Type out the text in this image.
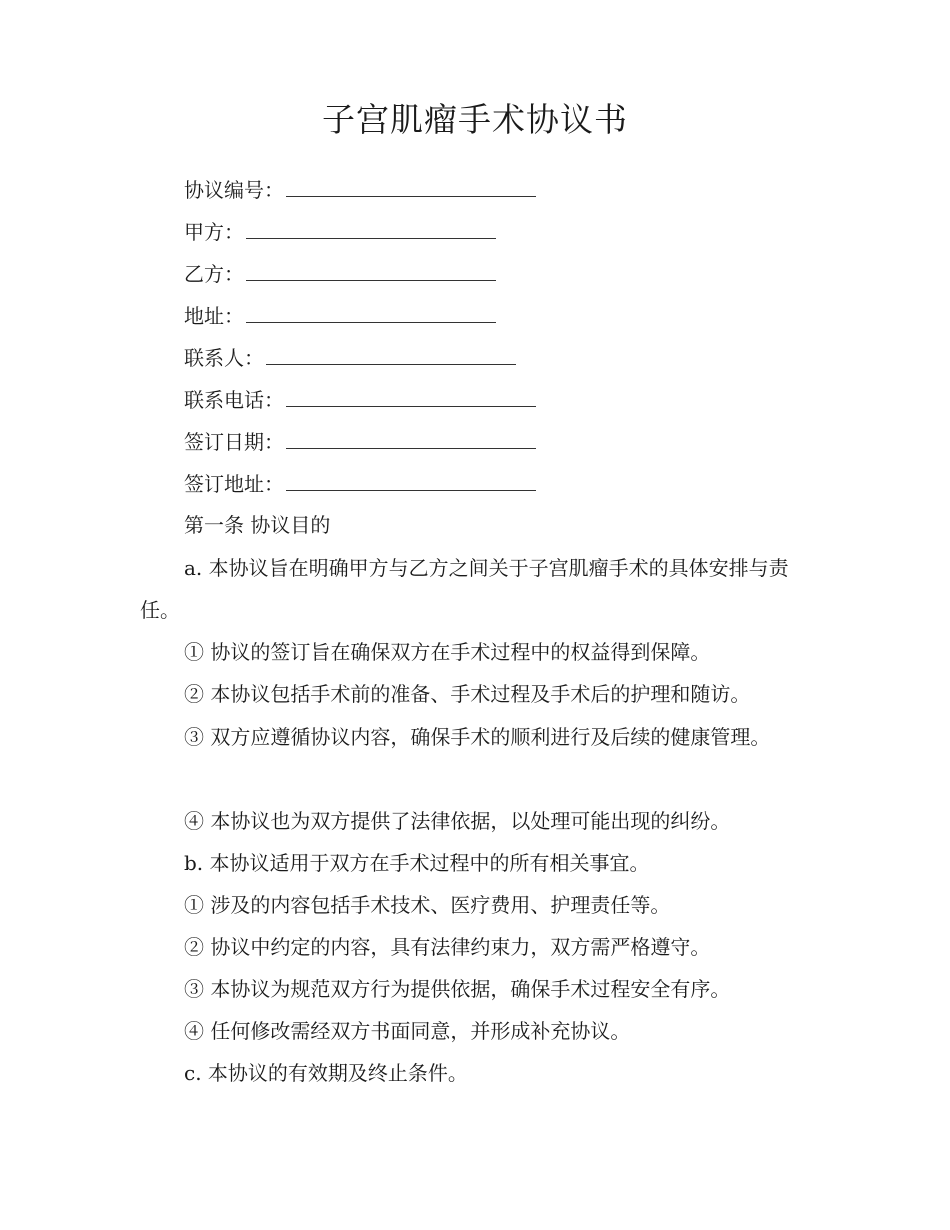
子宫肌瘤手术协议书
协议编号：
甲方：
乙方：
地址：
联系人：
联系电话：
签订日期：
签订地址：
第一条 协议目的
a. 本协议旨在明确甲方与乙方之间关于子宫肌瘤手术的具体安排与责任。
① 协议的签订旨在确保双方在手术过程中的权益得到保障。
② 本协议包括手术前的准备、手术过程及手术后的护理和随访。
③ 双方应遵循协议内容，确保手术的顺利进行及后续的健康管理。
④ 本协议也为双方提供了法律依据，以处理可能出现的纠纷。
b. 本协议适用于双方在手术过程中的所有相关事宜。
① 涉及的内容包括手术技术、医疗费用、护理责任等。
② 协议中约定的内容，具有法律约束力，双方需严格遵守。
③ 本协议为规范双方行为提供依据，确保手术过程安全有序。
④ 任何修改需经双方书面同意，并形成补充协议。
c. 本协议的有效期及终止条件。
